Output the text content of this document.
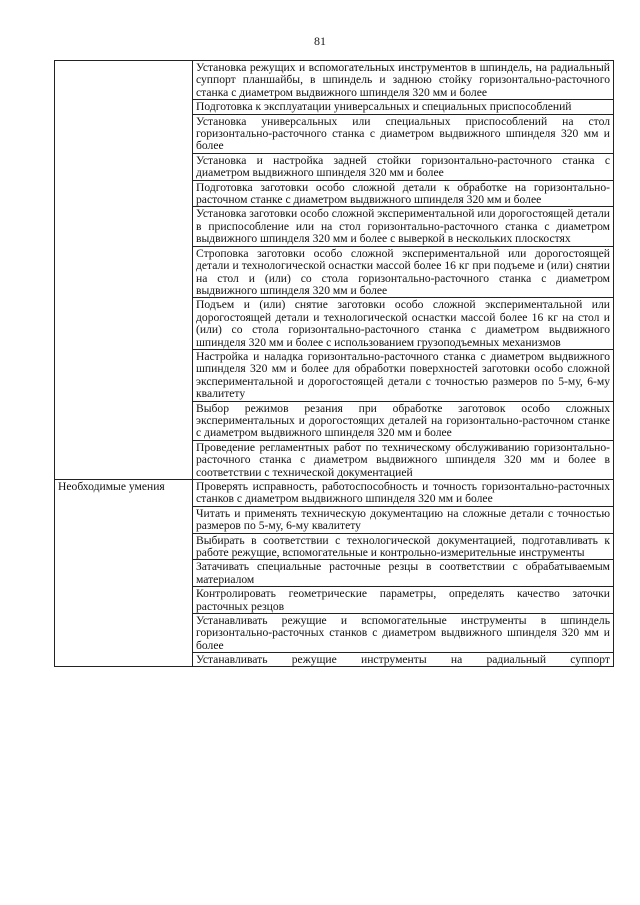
81
	Установка режущих и вспомогательных инструментов в шпиндель, на радиальный суппорт планшайбы, в шпиндель и заднюю стойку горизонтально-расточного станка с диаметром выдвижного шпинделя 320 мм и более
	Подготовка к эксплуатации универсальных и специальных приспособлений
	Установка универсальных или специальных приспособлений на стол горизонтально-расточного станка с диаметром выдвижного шпинделя 320 мм и более
	Установка и настройка задней стойки горизонтально-расточного станка с диаметром выдвижного шпинделя 320 мм и более
	Подготовка заготовки особо сложной детали к обработке на горизонтально-расточном станке с диаметром выдвижного шпинделя 320 мм и более
	Установка заготовки особо сложной экспериментальной или дорогостоящей детали в приспособление или на стол горизонтально-расточного станка с диаметром выдвижного шпинделя 320 мм и более с выверкой в нескольких плоскостях
	Строповка заготовки особо сложной экспериментальной или дорогостоящей детали и технологической оснастки массой более 16 кг при подъеме и (или) снятии на стол и (или) со стола горизонтально-расточного станка с диаметром выдвижного шпинделя 320 мм и более
	Подъем и (или) снятие заготовки особо сложной экспериментальной или дорогостоящей детали и технологической оснастки массой более 16 кг на стол и (или) со стола горизонтально-расточного станка с диаметром выдвижного шпинделя 320 мм и более с использованием грузоподъемных механизмов
	Настройка и наладка горизонтально-расточного станка с диаметром выдвижного шпинделя 320 мм и более для обработки поверхностей заготовки особо сложной экспериментальной и дорогостоящей детали с точностью размеров по 5-му, 6-му квалитету
	Выбор режимов резания при обработке заготовок особо сложных экспериментальных и дорогостоящих деталей на горизонтально-расточном станке с диаметром выдвижного шпинделя 320 мм и более
	Проведение регламентных работ по техническому обслуживанию горизонтально-расточного станка с диаметром выдвижного шпинделя 320 мм и более в соответствии с технической документацией
Необходимые умения	Проверять исправность, работоспособность и точность горизонтально-расточных станков с диаметром выдвижного шпинделя 320 мм и более
	Читать и применять техническую документацию на сложные детали с точностью размеров по 5-му, 6-му квалитету
	Выбирать в соответствии с технологической документацией, подготавливать к работе режущие, вспомогательные и контрольно-измерительные инструменты
	Затачивать специальные расточные резцы в соответствии с обрабатываемым материалом
	Контролировать геометрические параметры, определять качество заточки расточных резцов
	Устанавливать режущие и вспомогательные инструменты в шпиндель горизонтально-расточных станков с диаметром выдвижного шпинделя 320 мм и более

	Устанавливать режущие инструменты на радиальный суппорт
